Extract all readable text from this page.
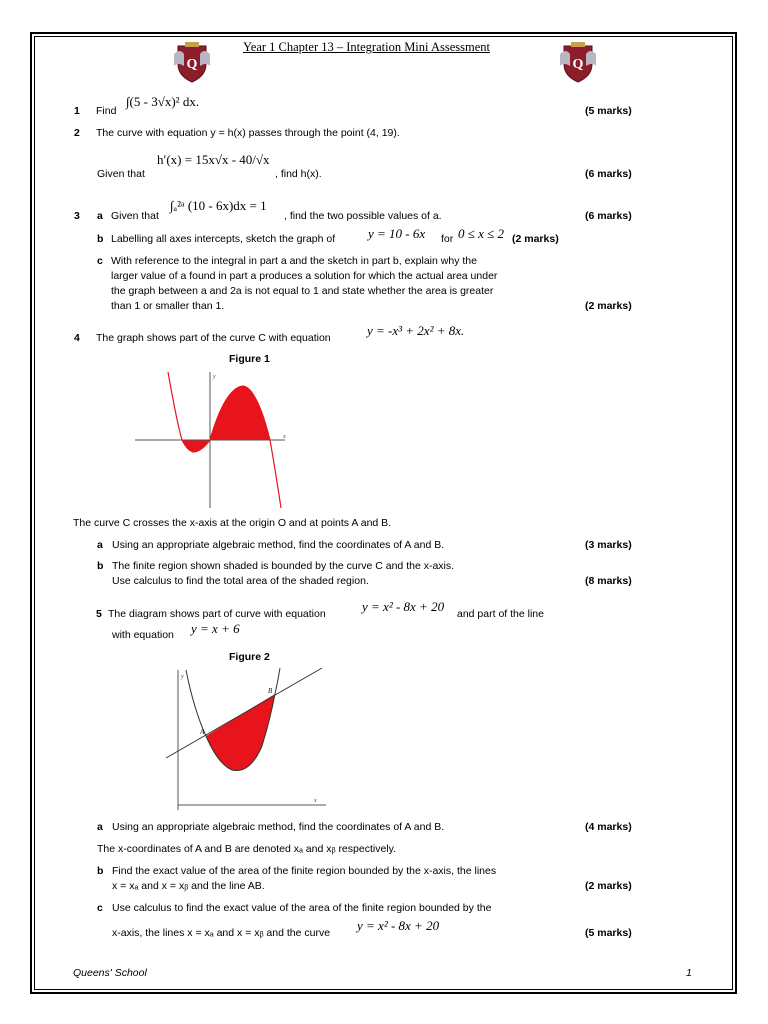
Q	Q
Year 1 Chapter 13 – Integration Mini Assessment
1 Find
∫(5 - 3√x)² dx.
(5 marks)
2 The curve with equation y = h(x) passes through the point (4, 19).
h′(x) = 15x√x - 40/√x
Given that	, find h(x).	(6 marks)
3 a Given that
∫ₐ²ᵃ (10 - 6x)dx = 1
, find the two possible values of a.	(6 marks)
b Labelling all axes intercepts, sketch the graph of	y = 10 - 6x for 0 ≤ x ≤ 2 (2 marks)
c With reference to the integral in part a and the sketch in part b, explain why the
larger value of a found in part a produces a solution for which the actual area under
the graph between a and 2a is not equal to 1 and state whether the area is greater
than 1 or smaller than 1.	(2 marks)
4 The graph shows part of the curve C with equation	y = -x³ + 2x² + 8x.
Figure 1
x
y
The curve C crosses the x-axis at the origin O and at points A and B.
a Using an appropriate algebraic method, find the coordinates of A and B.	(3 marks)
b The finite region shown shaded is bounded by the curve C and the x-axis.
Use calculus to find the total area of the shaded region.	(8 marks)
5 The diagram shows part of curve with equation	y = x² - 8x + 20 and part of the line
with equation y = x + 6
Figure 2
x
y
A
B
a Using an appropriate algebraic method, find the coordinates of A and B.	(4 marks)
The x-coordinates of A and B are denoted xₐ and xᵦ respectively.
b Find the exact value of the area of the finite region bounded by the x-axis, the lines
x = xₐ and x = xᵦ and the line AB.	(2 marks)
c Use calculus to find the exact value of the area of the finite region bounded by the
x-axis, the lines x = xₐ and x = xᵦ and the curve y = x² - 8x + 20	(5 marks)
Queens' School	1
